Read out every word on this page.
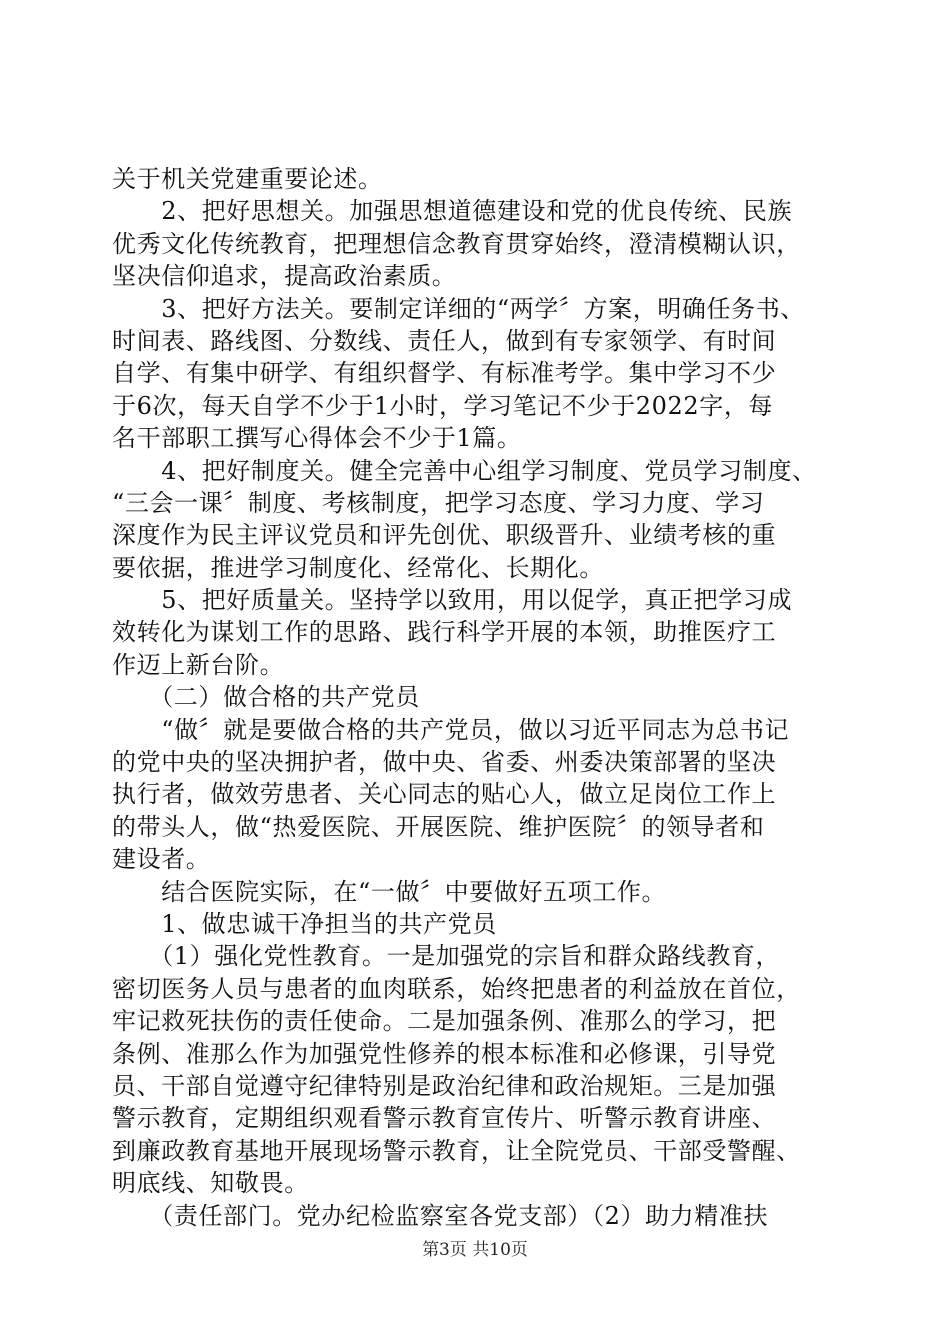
关于机关党建重要论述。
　　2、把好思想关。加强思想道德建设和党的优良传统、民族
优秀文化传统教育，把理想信念教育贯穿始终，澄清模糊认识，
坚决信仰追求，提高政治素质。
　　3、把好方法关。要制定详细的“两学〞方案，明确任务书、
时间表、路线图、分数线、责任人，做到有专家领学、有时间
自学、有集中研学、有组织督学、有标准考学。集中学习不少
于6次，每天自学不少于1小时，学习笔记不少于2022字，每
名干部职工撰写心得体会不少于1篇。
　　4、把好制度关。健全完善中心组学习制度、党员学习制度、
“三会一课〞制度、考核制度，把学习态度、学习力度、学习
深度作为民主评议党员和评先创优、职级晋升、业绩考核的重
要依据，推进学习制度化、经常化、长期化。
　　5、把好质量关。坚持学以致用，用以促学，真正把学习成
效转化为谋划工作的思路、践行科学开展的本领，助推医疗工
作迈上新台阶。
　　（二）做合格的共产党员
　　“做〞就是要做合格的共产党员，做以习近平同志为总书记
的党中央的坚决拥护者，做中央、省委、州委决策部署的坚决
执行者，做效劳患者、关心同志的贴心人，做立足岗位工作上
的带头人，做“热爱医院、开展医院、维护医院〞的领导者和
建设者。
　　结合医院实际，在“一做〞中要做好五项工作。
　　1、做忠诚干净担当的共产党员
　　（1）强化党性教育。一是加强党的宗旨和群众路线教育，
密切医务人员与患者的血肉联系，始终把患者的利益放在首位，
牢记救死扶伤的责任使命。二是加强条例、准那么的学习，把
条例、准那么作为加强党性修养的根本标准和必修课，引导党
员、干部自觉遵守纪律特别是政治纪律和政治规矩。三是加强
警示教育，定期组织观看警示教育宣传片、听警示教育讲座、
到廉政教育基地开展现场警示教育，让全院党员、干部受警醒、
明底线、知敬畏。
　　（责任部门。党办纪检监察室各党支部）（2）助力精准扶
第3页 共10页
